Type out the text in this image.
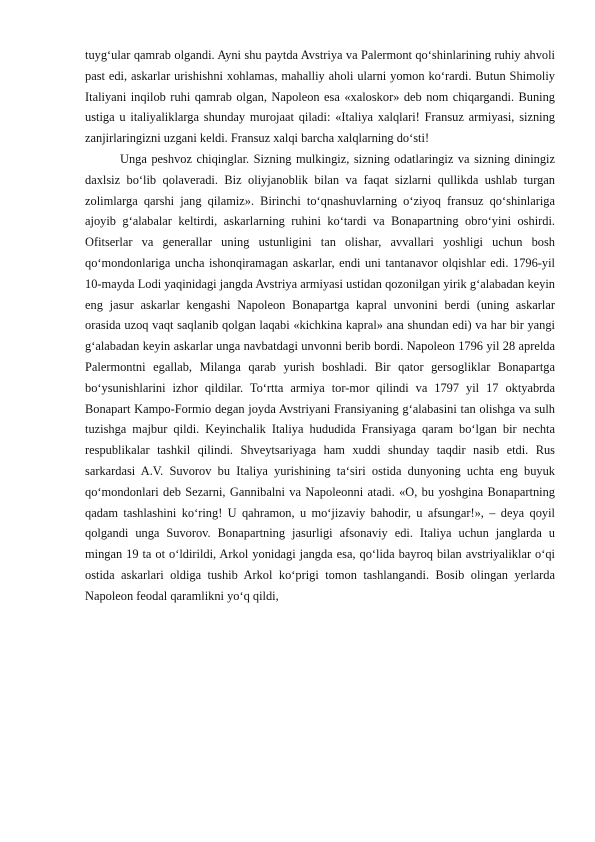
tuyg‘ular qamrab olgandi. Ayni shu paytda Avstriya va Palermont qo‘shinlarining ruhiy ahvoli past edi, askarlar urishishni xohlamas, mahalliy aholi ularni yomon ko‘rardi. Butun Shimoliy Italiyani inqilob ruhi qamrab olgan, Napoleon esa «xaloskor» deb nom chiqargandi. Buning ustiga u italiyaliklarga shunday murojaat qiladi: «Italiya xalqlari! Fransuz armiyasi, sizning zanjirlaringizni uzgani keldi. Fransuz xalqi barcha xalqlarning do‘sti!

Unga peshvoz chiqinglar. Sizning mulkingiz, sizning odatlaringiz va sizning diningiz daxlsiz bo‘lib qolaveradi. Biz oliyjanoblik bilan va faqat sizlarni qullikda ushlab turgan zolimlarga qarshi jang qilamiz». Birinchi to‘qnashuvlarning o‘ziyoq fransuz qo‘shinlariga ajoyib g‘alabalar keltirdi, askarlarning ruhini ko‘tardi va Bonapartning obro‘yini oshirdi. Ofitserlar va generallar uning ustunligini tan olishar, avvallari yoshligi uchun bosh qo‘mondonlariga uncha ishonqiramagan askarlar, endi uni tantanavor olqishlar edi. 1796-yil 10-mayda Lodi yaqinidagi jangda Avstriya armiyasi ustidan qozonilgan yirik g‘alabadan keyin eng jasur askarlar kengashi Napoleon Bonapartga kapral unvonini berdi (uning askarlar orasida uzoq vaqt saqlanib qolgan laqabi «kichkina kapral» ana shundan edi) va har bir yangi g‘alabadan keyin askarlar unga navbatdagi unvonni berib bordi. Napoleon 1796 yil 28 aprelda Palermontni egallab, Milanga qarab yurish boshladi. Bir qator gersogliklar Bonapartga bo‘ysunishlarini izhor qildilar. To‘rtta armiya tor-mor qilindi va 1797 yil 17 oktyabrda Bonapart Kampo-Formio degan joyda Avstriyani Fransiyaning g‘alabasini tan olishga va sulh tuzishga majbur qildi. Keyinchalik Italiya hududida Fransiyaga qaram bo‘lgan bir nechta respublikalar tashkil qilindi. Shveytsariyaga ham xuddi shunday taqdir nasib etdi. Rus sarkardasi A.V. Suvorov bu Italiya yurishining ta‘siri ostida dunyoning uchta eng buyuk qo‘mondonlari deb Sezarni, Gannibalni va Napoleonni atadi. «O, bu yoshgina Bonapartning qadam tashlashini ko‘ring! U qahramon, u mo‘jizaviy bahodir, u afsungar!», – deya qoyil qolgandi unga Suvorov. Bonapartning jasurligi afsonaviy edi. Italiya uchun janglarda u mingan 19 ta ot o‘ldirildi, Arkol yonidagi jangda esa, qo‘lida bayroq bilan avstriyaliklar o‘qi ostida askarlari oldiga tushib Arkol ko‘prigi tomon tashlangandi. Bosib olingan yerlarda Napoleon feodal qaramlikni yo‘q qildi,
